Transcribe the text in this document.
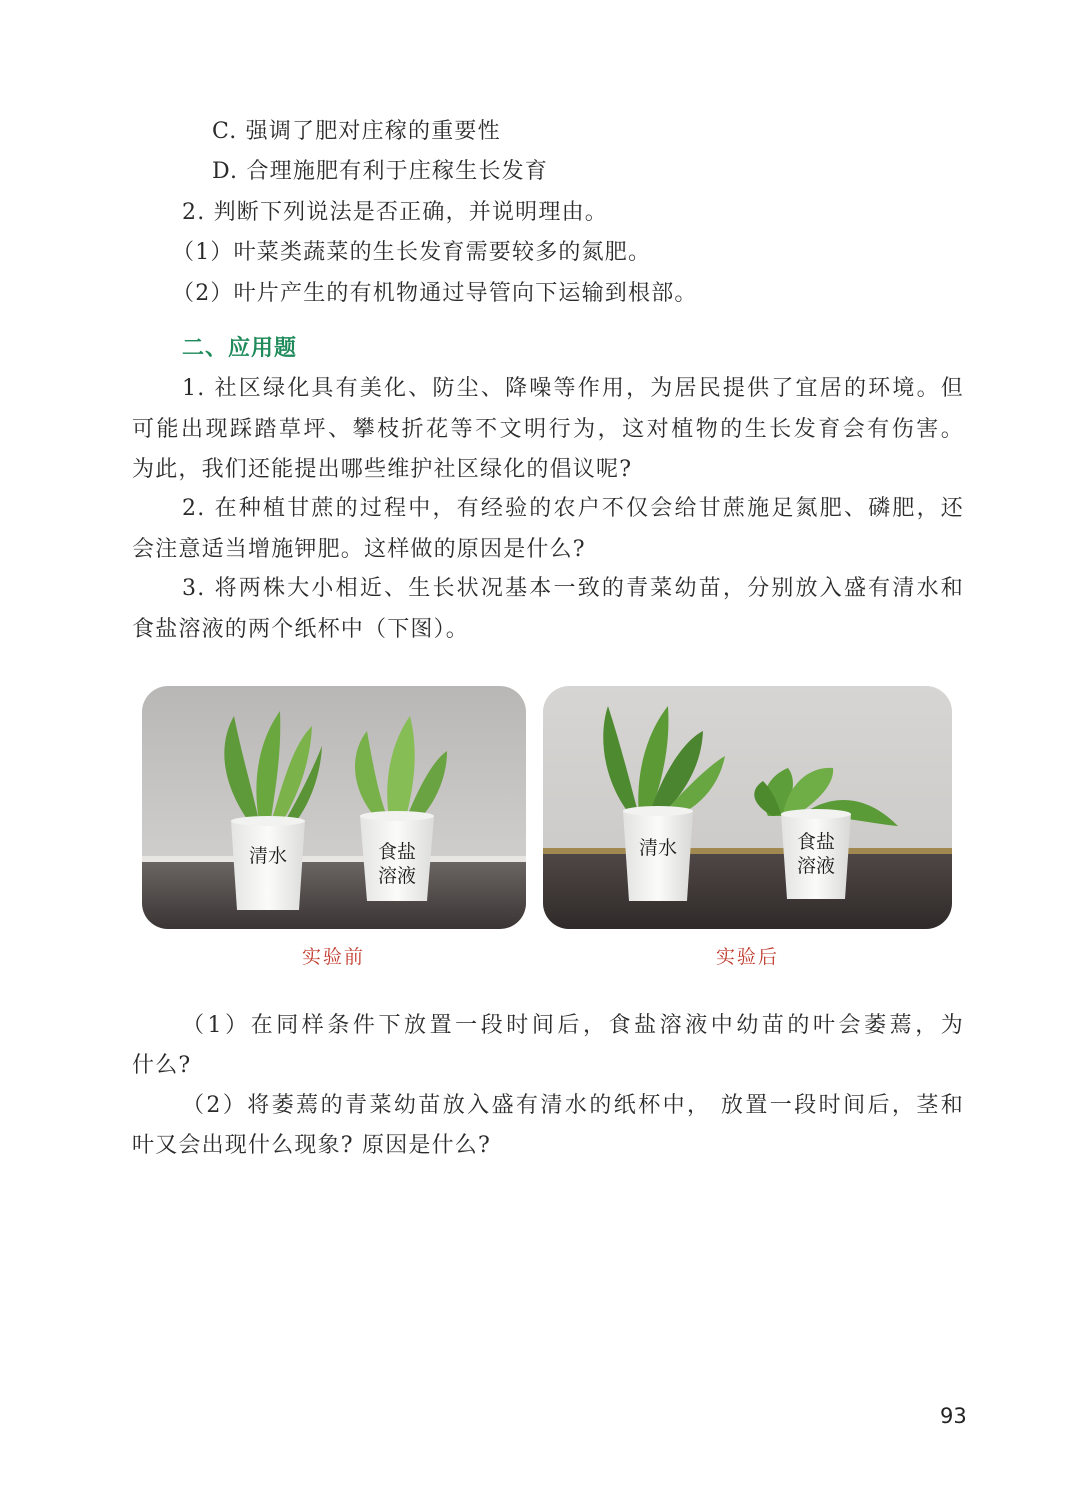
C. 强调了肥对庄稼的重要性
D. 合理施肥有利于庄稼生长发育
2. 判断下列说法是否正确，并说明理由。
（1）叶菜类蔬菜的生长发育需要较多的氮肥。
（2）叶片产生的有机物通过导管向下运输到根部。
二、应用题
1. 社区绿化具有美化、防尘、降噪等作用，为居民提供了宜居的环境。但
可能出现踩踏草坪、攀枝折花等不文明行为，这对植物的生长发育会有伤害。
为此，我们还能提出哪些维护社区绿化的倡议呢?
2. 在种植甘蔗的过程中，有经验的农户不仅会给甘蔗施足氮肥、磷肥，还
会注意适当增施钾肥。这样做的原因是什么?
3. 将两株大小相近、生长状况基本一致的青菜幼苗，分别放入盛有清水和
食盐溶液的两个纸杯中（下图）。
清水	食盐
溶液
清水	食盐
溶液
实验前	实验后
（1）在同样条件下放置一段时间后，食盐溶液中幼苗的叶会萎蔫，为
什么?
（2）将萎蔫的青菜幼苗放入盛有清水的纸杯中， 放置一段时间后，茎和
叶又会出现什么现象? 原因是什么?
93
